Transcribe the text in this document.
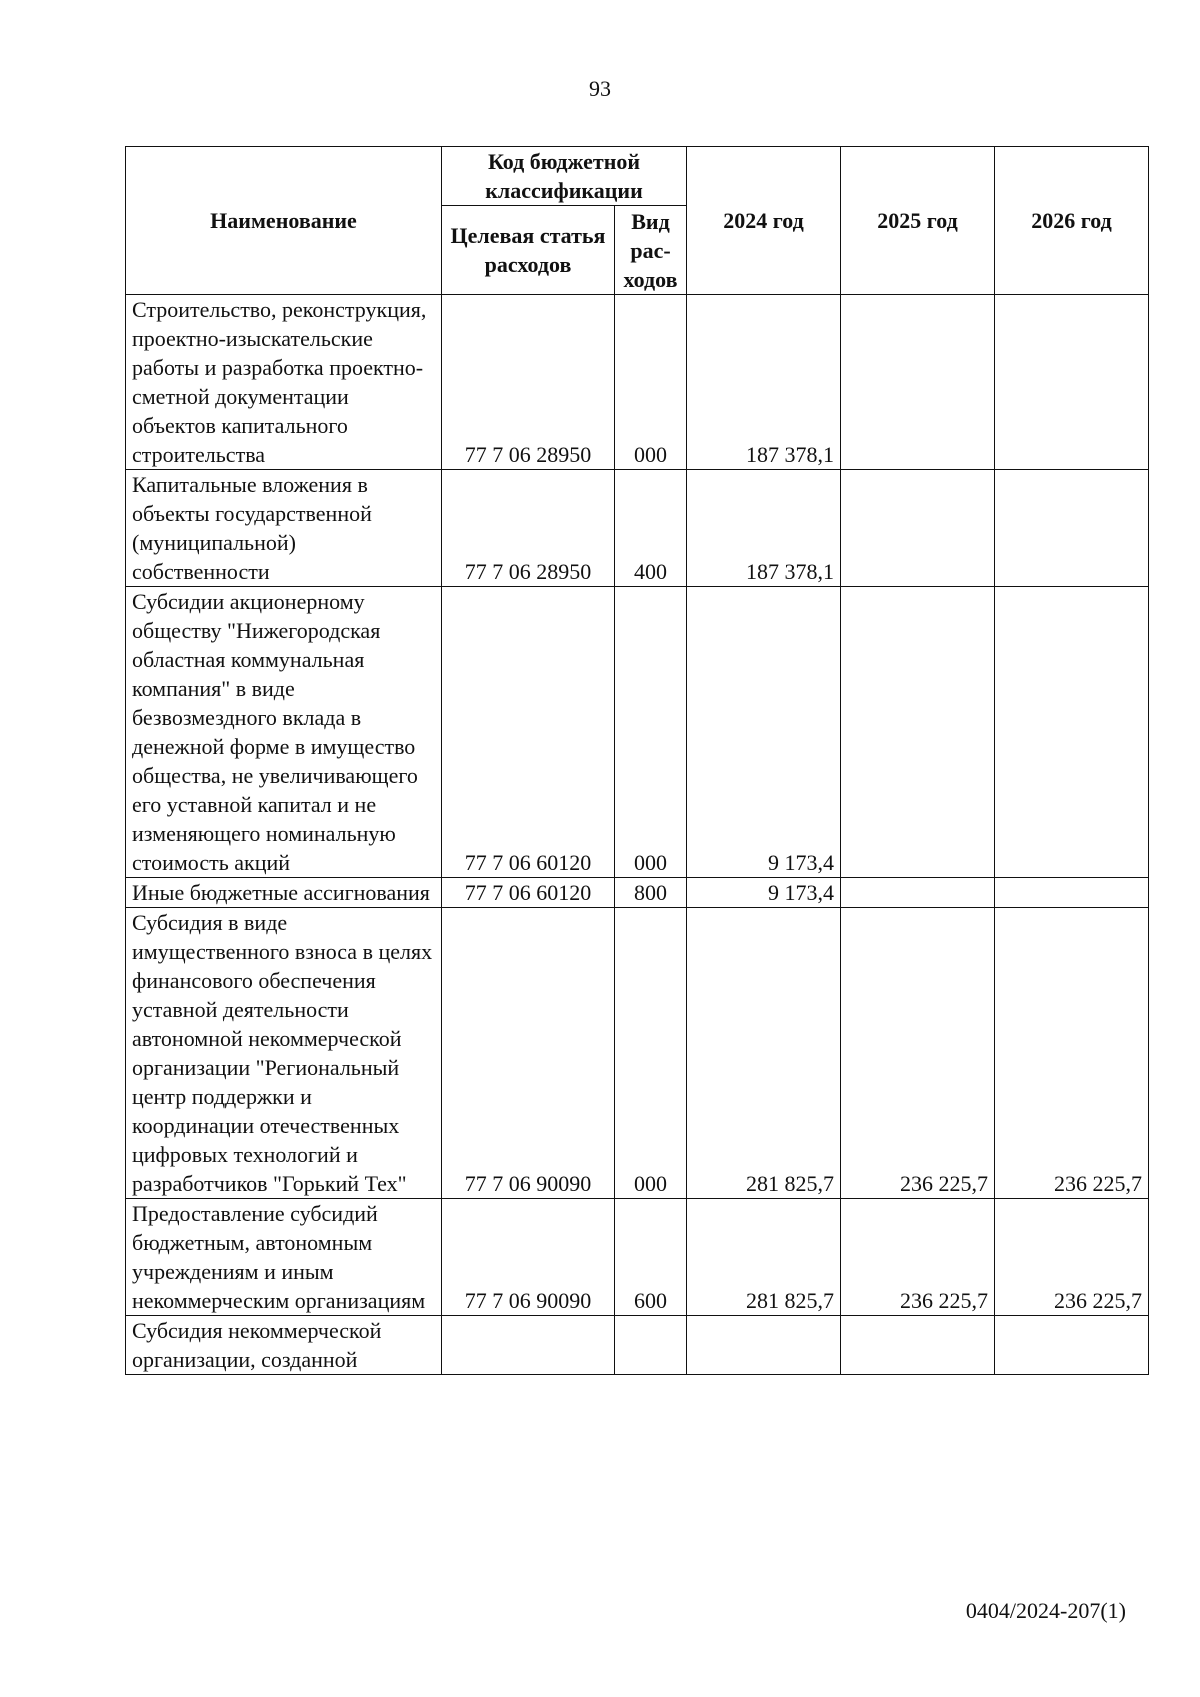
93
Наименование	Код бюджетной классификации		2024 год	2025 год	2026 год
	Целевая статья расходов	Вид рас-ходов			
Строительство, реконструкция, проектно-изыскательские работы и разработка проектно-сметной документации объектов капитального строительства	77 7 06 28950	000	187 378,1		
Капитальные вложения в объекты государственной (муниципальной) собственности	77 7 06 28950	400	187 378,1		
Субсидии акционерному обществу "Нижегородская областная коммунальная компания" в виде безвозмездного вклада в денежной форме в имущество общества, не увеличивающего его уставной капитал и не изменяющего номинальную стоимость акций	77 7 06 60120	000	9 173,4		
Иные бюджетные ассигнования	77 7 06 60120	800	9 173,4		
Субсидия в виде имущественного взноса в целях финансового обеспечения уставной деятельности автономной некоммерческой организации "Региональный центр поддержки и координации отечественных цифровых технологий и разработчиков "Горький Тех"	77 7 06 90090	000	281 825,7	236 225,7	236 225,7
Предоставление субсидий бюджетным, автономным учреждениям и иным некоммерческим организациям	77 7 06 90090	600	281 825,7	236 225,7	236 225,7
Субсидия некоммерческой организации, созданной					
0404/2024-207(1)
